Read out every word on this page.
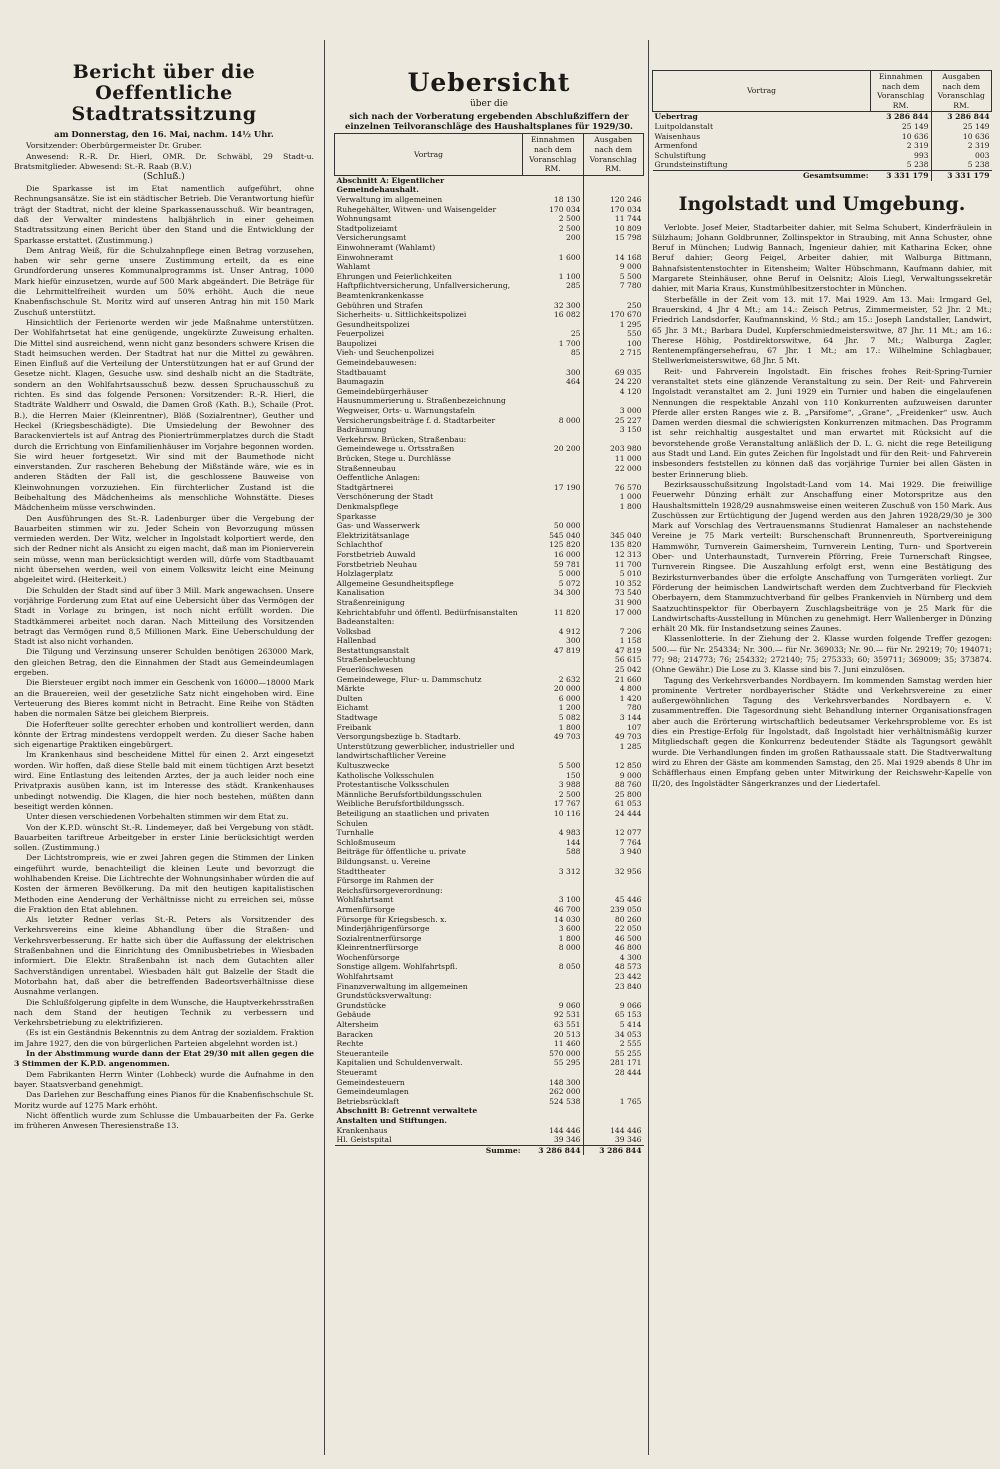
Bericht über die
Oeffentliche Stadtratssitzung
am Donnerstag, den 16. Mai, nachm. 14½ Uhr.

Vorsitzender: Oberbürgermeister Dr. Gruber.

Anwesend: R.-R. Dr. Hierl, OMR. Dr. Schwäbl, 29 Stadt-u. Bratsmitglieder. Abwesend: St.-R. Raab (B.V.)

(Schluß.)

Die Sparkasse ist im Etat namentlich aufgeführt, ohne Rechnungsansätze. Sie ist ein städtischer Betrieb. Die Verantwortung hiefür trägt der Stadtrat, nicht der kleine Sparkassenausschuß. Wir beantragen, daß der Verwalter mindestens halbjährlich in einer geheimen Stadtratssitzung einen Bericht über den Stand und die Entwicklung der Sparkasse erstattet. (Zustimmung.)

Dem Antrag Weiß, für die Schulzahnpflege einen Betrag vorzusehen, haben wir sehr gerne unsere Zustimmung erteilt, da es eine Grundforderung unseres Kommunalprogramms ist. Unser Antrag, 1000 Mark hiefür einzusetzen, wurde auf 500 Mark abgeändert. Die Beträge für die Lehrmittelfreiheit wurden um 50% erhöht. Auch die neue Knabenfischschule St. Moritz wird auf unseren Antrag hin mit 150 Mark Zuschuß unterstützt.

Hinsichtlich der Ferienorte werden wir jede Maßnahme unterstützen. Der Wohlfahrtsetat hat eine genügende, ungekürzte Zuweisung erhalten. Die Mittel sind ausreichend, wenn nicht ganz besonders schwere Krisen die Stadt heimsuchen werden. Der Stadtrat hat nur die Mittel zu gewähren. Einen Einfluß auf die Verteilung der Unterstützungen hat er auf Grund der Gesetze nicht. Klagen, Gesuche usw. sind deshalb nicht an die Stadträte, sondern an den Wohlfahrtsausschuß bezw. dessen Spruchausschuß zu richten. Es sind das folgende Personen: Vorsitzender: R.-R. Hierl, die Stadträte Waldherr und Oswald, die Damen Groß (Kath. B.), Schaile (Prot. B.), die Herren Maier (Kleinrentner), Blöß (Sozialrentner), Geuther und Heckel (Kriegsbeschädigte). Die Umsiedelung der Bewohner des Barackenviertels ist auf Antrag des Pioniertrümmerplatzes durch die Stadt durch die Errichtung von Einfamilienhäuser im Vorjahre begonnen worden. Sie wird heuer fortgesetzt. Wir sind mit der Baumethode nicht einverstanden. Zur rascheren Behebung der Mißstände wäre, wie es in anderen Städten der Fall ist, die geschlossene Bauweise von Kleinwohnungen vorzuziehen. Ein fürchterlicher Zustand ist die Beibehaltung des Mädchenheims als menschliche Wohnstätte. Dieses Mädchenheim müsse verschwinden.

Den Ausführungen des St.-R. Ladenburger über die Vergebung der Bauarbeiten stimmen wir zu. Jeder Schein von Bevorzugung müssen vermieden werden. Der Witz, welcher in Ingolstadt kolportiert werde, den sich der Redner nicht als Ansicht zu eigen macht, daß man im Pionierverein sein müsse, wenn man berücksichtigt werden will, dürfe vom Stadtbauamt nicht übersehen werden, weil von einem Volkswitz leicht eine Meinung abgeleitet wird. (Heiterkeit.)

Die Schulden der Stadt sind auf über 3 Mill. Mark angewachsen. Unsere vorjährige Forderung zum Etat auf eine Uebersicht über das Vermögen der Stadt in Vorlage zu bringen, ist noch nicht erfüllt worden. Die Stadtkämmerei arbeitet noch daran. Nach Mitteilung des Vorsitzenden betragt das Vermögen rund 8,5 Millionen Mark. Eine Ueberschuldung der Stadt ist also nicht vorhanden.

Die Tilgung und Verzinsung unserer Schulden benötigen 263000 Mark, den gleichen Betrag, den die Einnahmen der Stadt aus Gemeindeumlagen ergeben.

Die Biersteuer ergibt noch immer ein Geschenk von 16000—18000 Mark an die Brauereien, weil der gesetzliche Satz nicht eingehoben wird. Eine Verteuerung des Bieres kommt nicht in Betracht. Eine Reihe von Städten haben die normalen Sätze bei gleichem Bierpreis.

Die Hoferfteuer sollte gerechter erhoben und kontrolliert werden, dann könnte der Ertrag mindestens verdoppelt werden. Zu dieser Sache haben sich eigenartige Praktiken eingebürgert.

Im Krankenhaus sind bescheidene Mittel für einen 2. Arzt eingesetzt worden. Wir hoffen, daß diese Stelle bald mit einem tüchtigen Arzt besetzt wird. Eine Entlastung des leitenden Arztes, der ja auch leider noch eine Privatpraxis ausüben kann, ist im Interesse des städt. Krankenhauses unbedingt notwendig. Die Klagen, die hier noch bestehen, müßten dann beseitigt werden können.

Unter diesen verschiedenen Vorbehalten stimmen wir dem Etat zu.

Von der K.P.D. wünscht St.-R. Lindemeyer, daß bei Vergebung von städt. Bauarbeiten tariftreue Arbeitgeber in erster Linie berücksichtigt werden sollen. (Zustimmung.)

Der Lichtstrompreis, wie er zwei Jahren gegen die Stimmen der Linken eingeführt wurde, benachteiligt die kleinen Leute und bevorzugt die wohlhabenden Kreise. Die Lichtrechte der Wohnungsinhaber würden die auf Kosten der ärmeren Bevölkerung. Da mit den heutigen kapitalistischen Methoden eine Aenderung der Verhältnisse nicht zu erreichen sei, müsse die Fraktion den Etat ablehnen.

Als letzter Redner verlas St.-R. Peters als Vorsitzender des Verkehrsvereins eine kleine Abhandlung über die Straßen- und Verkehrsverbesserung. Er hatte sich über die Auffassung der elektrischen Straßenbahnen und die Einrichtung des Omnibusbetriebes in Wiesbaden informiert. Die Elektr. Straßenbahn ist nach dem Gutachten aller Sachverständigen unrentabel. Wiesbaden hält gut Balzelle der Stadt die Motorbahn hat, daß aber die betreffenden Badeortsverhältnisse diese Ausnahme verlangen.

Die Schlußfolgerung gipfelte in dem Wunsche, die Hauptverkehrsstraßen nach dem Stand der heutigen Technik zu verbessern und Verkehrsbetriebung zu elektrifizieren.

(Es ist ein Geständnis Bekenntnis zu dem Antrag der sozialdem. Fraktion im Jahre 1927, den die von bürgerlichen Parteien abgelehnt worden ist.)

In der Abstimmung wurde dann der Etat 29/30 mit allen gegen die 3 Stimmen der K.P.D. angenommen.

Dem Fabrikanten Herrn Winter (Lohbeck) wurde die Aufnahme in den bayer. Staatsverband genehmigt.

Das Darlehen zur Beschaffung eines Pianos für die Knabenfischschule St. Moritz wurde auf 1275 Mark erhöht.

Nicht öffentlich wurde zum Schlusse die Umbauarbeiten der Fa. Gerke im früheren Anwesen Theresienstraße 13.

Uebersicht
über die
sich nach der Vorberatung ergebenden Abschlußziffern der einzelnen Teilvoranschläge des Haushaltsplanes für 1929/30.
Vortrag	Einnahmen nach dem Voranschlag RM.	Ausgaben nach dem Voranschlag RM.
Abschnitt A: Eigentlicher Gemeindehaushalt.		
Verwaltung im allgemeinen	18 130	120 246
Ruhegehälter, Witwen- und Waisengelder	170 034	170 034
Wohnungsamt	2 500	11 744
Stadtpolizeiamt	2 500	10 809
Versicherungsamt	200	15 798
Einwohneramt (Wahlamt)		
Einwohneramt	1 600	14 168
Wahlamt		9 000
Ehrungen und Feierlichkeiten	1 100	5 500
Haftpflichtversicherung, Unfallversicherung, Beamtenkrankenkasse	285	7 780
Gebühren und Strafen	32 300	250
Sicherheits- u. Sittlichkeitspolizei	16 082	170 670
Gesundheitspolizei		1 295
Feuerpolizei	25	550
Baupolizei	1 700	100
Vieh- und Seuchenpolizei	85	2 715
Gemeindebauwesen:		
Stadtbauamt	300	69 035
Baumagazin	464	24 220
Gemeindebürgerhäuser		4 120
Hausnummerierung u. Straßenbezeichnung		
Wegweiser, Orts- u. Warnungstafeln		3 000
Versicherungsbeiträge f. d. Stadtarbeiter	8 000	25 227
Badräumung		3 150
Verkehrsw. Brücken, Straßenbau:		
Gemeindewege u. Ortsstraßen	20 200	203 980
Brücken, Stege u. Durchlässe		11 000
Straßenneubau		22 000
Oeffentliche Anlagen:		
Stadtgärtnerei	17 190	76 570
Verschönerung der Stadt		1 000
Denkmalspflege		1 800
Sparkasse		
Gas- und Wasserwerk	50 000	
Elektrizitätsanlage	545 040	345 040
Schlachthof	125 820	135 820
Forstbetrieb Auwald	16 000	12 313
Forstbetrieb Neuhau	59 781	11 700
Holzlagerplatz	5 000	5 010
Allgemeine Gesundheitspflege	5 072	10 352
Kanalisation	34 300	73 540
Straßenreinigung		31 900
Kehrichtabfuhr und öffentl. Bedürfnisanstalten	11 820	17 000
Badeanstalten:		
Volksbad	4 912	7 206
Hallenbad	300	1 158
Bestattungsanstalt	47 819	47 819
Straßenbeleuchtung		56 615
Feuerlöschwesen		25 042
Gemeindewege, Flur- u. Dammschutz	2 632	21 660
Märkte	20 000	4 800
Dulten	6 000	1 420
Eichamt	1 200	780
Stadtwage	5 082	3 144
Freibank	1 800	107
Versorgungsbezüge b. Stadtarb.	49 703	49 703
Unterstützung gewerblicher, industrieller und landwirtschaftlicher Vereine		1 285
Kultuszwecke	5 500	12 850
Katholische Volksschulen	150	9 000
Protestantische Volksschulen	3 988	88 760
Männliche Berufsfortbildungsschulen	2 500	25 800
Weibliche Berufsfortbildungssch.	17 767	61 053
Beteiligung an staatlichen und privaten Schulen	10 116	24 444
Turnhalle	4 983	12 077
Schloßmuseum	144	7 764
Beiträge für öffentliche u. private Bildungsanst. u. Vereine	588	3 940
Stadttheater	3 312	32 956
Fürsorge im Rahmen der Reichsfürsorgeverordnung:		
Wohlfahrtsamt	3 100	45 446
Armenfürsorge	46 700	239 050
Fürsorge für Kriegsbesch. x.	14 030	80 260
Minderjährigenfürsorge	3 600	22 050
Sozialrentnerfürsorge	1 800	46 500
Kleinrentnerfürsorge	8 000	46 800
Wochenfürsorge		4 300
Sonstige allgem. Wohlfahrtspfl.	8 050	48 573
Wohlfahrtsamt		23 442
Finanzverwaltung im allgemeinen		23 840
Grundstücksverwaltung:		
Grundstücke	9 060	9 066
Gebäude	92 531	65 153
Altersheim	63 551	5 414
Baracken	20 513	34 053
Rechte	11 460	2 555
Steueranteile	570 000	55 255
Kapitalien und Schuldenverwalt.	55 295	281 171
Steueramt		28 444
Gemeindesteuern	148 300	
Gemeindeumlagen	262 000	
Betriebsrücklaft	524 538	1 765
Abschnitt B: Getrennt verwaltete Anstalten und Stiftungen.		
Krankenhaus	144 446	144 446
Hl. Geistspital	39 346	39 346
Summe:	3 286 844	3 286 844
Vortrag	Einnahmen nach dem Voranschlag RM.	Ausgaben nach dem Voranschlag RM.
Uebertrag	3 286 844	3 286 844
Luitpoldanstalt	25 149	25 149
Waisenhaus	10 636	10 636
Armenfond	2 319	2 319
Schulstiftung	993	003
Grundsteinstiftung	5 238	5 238
Gesamtsumme:	3 331 179	3 331 179
Ingolstadt und Umgebung.

Verlobte. Josef Meier, Stadtarbeiter dahier, mit Selma Schubert, Kinderfräulein in Sülzhaum; Johann Goldbrunner, Zollinspektor in Straubing, mit Anna Schuster, ohne Beruf in München; Ludwig Bannach, Ingenieur dahier, mit Katharina Ecker, ohne Beruf dahier; Georg Feigel, Arbeiter dahier, mit Walburga Bittmann, Bahnafsistentenstochter in Eitensheim; Walter Hübschmann, Kaufmann dahier, mit Margarete Steinhäuser, ohne Beruf in Oelsnitz; Alois Liegl, Verwaltungssekretär dahier, mit Maria Kraus, Kunstmühlbesitzerstochter in München.

Sterbefälle in der Zeit vom 13. mit 17. Mai 1929. Am 13. Mai: Irmgard Gel, Brauerskind, 4 Jhr 4 Mt.; am 14.: Zeisch Petrus, Zimmermeister, 52 Jhr. 2 Mt.; Friedrich Landsdorfer, Kaufmannskind, ½ Std.; am 15.: Joseph Landstaller, Landwirt, 65 Jhr. 3 Mt.; Barbara Dudel, Kupferschmiedmeisterswitwe, 87 Jhr. 11 Mt.; am 16.: Therese Höhig, Postdirektorswitwe, 64 Jhr. 7 Mt.; Walburga Zagler, Rentenempfängersehefrau, 67 Jhr. 1 Mt.; am 17.: Wilhelmine Schlagbauer, Stellwerkmeisterswitwe, 68 Jhr. 5 Mt.

Reit- und Fahrverein Ingolstadt. Ein frisches frohes Reit-Spring-Turnier veranstaltet stets eine glänzende Veranstaltung zu sein. Der Reit- und Fahrverein Ingolstadt veranstaltet am 2. Juni 1929 ein Turnier und haben die eingelaufenen Nennungen die respektable Anzahl von 110 Konkurrenten aufzuweisen darunter Pferde aller ersten Ranges wie z. B. „Parsifome“, „Grane“, „Freidenker“ usw. Auch Damen werden diesmal die schwierigsten Konkurrenzen mitmachen. Das Programm ist sehr reichhaltig ausgestaltet und man erwartet mit Rücksicht auf die bevorstehende große Veranstaltung anläßlich der D. L. G. nicht die rege Beteiligung aus Stadt und Land. Ein gutes Zeichen für Ingolstadt und für den Reit- und Fahrverein insbesonders feststellen zu können daß das vorjährige Turnier bei allen Gästen in bester Erinnerung blieb.

Bezirksausschußsitzung Ingolstadt-Land vom 14. Mai 1929. Die freiwillige Feuerwehr Dünzing erhält zur Anschaffung einer Motorspritze aus den Haushaltsmitteln 1928/29 ausnahmsweise einen weiteren Zuschuß von 150 Mark. Aus Zuschüssen zur Ertüchtigung der Jugend werden aus den Jahren 1928/29/30 je 300 Mark auf Vorschlag des Vertrauensmanns Studienrat Hamaleser an nachstehende Vereine je 75 Mark verteilt: Burschenschaft Brunnenreuth, Sportvereinigung Hammwöhr, Turnverein Gaimersheim, Turnverein Lenting, Turn- und Sportverein Ober- und Unterhaunstadt, Turnverein Pförring, Freie Turnerschaft Ringsee, Turnverein Ringsee. Die Auszahlung erfolgt erst, wenn eine Bestätigung des Bezirksturnverbandes über die erfolgte Anschaffung von Turngeräten vorliegt. Zur Förderung der heimischen Landwirtschaft werden dem Zuchtverband für Fleckvieh Oberbayern, dem Stammzuchtverband für gelbes Frankenvieh in Nürnberg und dem Saatzuchtinspektor für Oberbayern Zuschlagsbeiträge von je 25 Mark für die Landwirtschafts-Ausstellung in München zu genehmigt. Herr Wallenberger in Dünzing erhält 20 Mk. für Instandsetzung seines Zaunes.

Klassenlotterie. In der Ziehung der 2. Klasse wurden folgende Treffer gezogen: 500.— für Nr. 254334; Nr. 300.— für Nr. 369033; Nr. 90.— für Nr. 29219; 70; 194071; 77; 98; 214773; 76; 254332; 272140; 75; 275333; 60; 359711; 369009; 35; 373874. (Ohne Gewähr.) Die Lose zu 3. Klasse sind bis 7. Juni einzulösen.

Tagung des Verkehrsverbandes Nordbayern. Im kommenden Samstag werden hier prominente Vertreter nordbayerischer Städte und Verkehrsvereine zu einer außergewöhnlichen Tagung des Verkehrsverbandes Nordbayern e. V. zusammentreffen. Die Tagesordnung sieht Behandlung interner Organisationsfragen aber auch die Erörterung wirtschaftlich bedeutsamer Verkehrsprobleme vor. Es ist dies ein Prestige-Erfolg für Ingolstadt, daß Ingolstadt hier verhältnismäßig kurzer Mitgliedschaft gegen die Konkurrenz bedeutender Städte als Tagungsort gewählt wurde. Die Verhandlungen finden im großen Rathaussaale statt. Die Stadtverwaltung wird zu Ehren der Gäste am kommenden Samstag, den 25. Mai 1929 abends 8 Uhr im Schäfflerhaus einen Empfang geben unter Mitwirkung der Reichswehr-Kapelle von II/20, des Ingolstädter Sängerkranzes und der Liedertafel.
